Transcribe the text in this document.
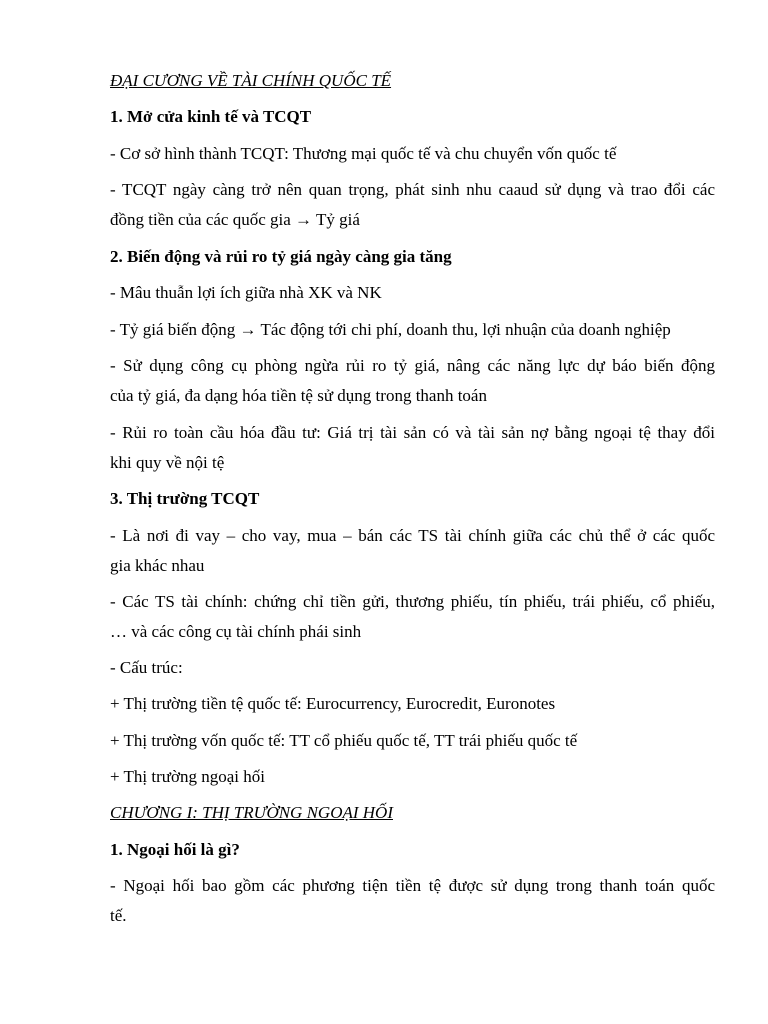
ĐẠI CƯƠNG VỀ TÀI CHÍNH QUỐC TẾ
1. Mở cửa kinh tế và TCQT
- Cơ sở hình thành TCQT: Thương mại quốc tế và chu chuyển vốn quốc tế
- TCQT ngày càng trở nên quan trọng, phát sinh nhu caaud sử dụng và trao đổi các
đồng tiền của các quốc gia → Tỷ giá
2. Biến động và rủi ro tỷ giá ngày càng gia tăng
- Mâu thuẫn lợi ích giữa nhà XK và NK
- Tỷ giá biến động → Tác động tới chi phí, doanh thu, lợi nhuận của doanh nghiệp
- Sử dụng công cụ phòng ngừa rủi ro tỷ giá, nâng các năng lực dự báo biến động
của tỷ giá, đa dạng hóa tiền tệ sử dụng trong thanh toán
- Rủi ro toàn cầu hóa đầu tư: Giá trị tài sản có và tài sản nợ bằng ngoại tệ thay đổi
khi quy về nội tệ
3. Thị trường TCQT
- Là nơi đi vay – cho vay, mua – bán các TS tài chính giữa các chủ thể ở các quốc
gia khác nhau
- Các TS tài chính: chứng chỉ tiền gửi, thương phiếu, tín phiếu, trái phiếu, cổ phiếu,
… và các công cụ tài chính phái sinh
- Cấu trúc:
+ Thị trường tiền tệ quốc tế: Eurocurrency, Eurocredit, Euronotes
+ Thị trường vốn quốc tế: TT cổ phiếu quốc tế, TT trái phiếu quốc tế
+ Thị trường ngoại hối
CHƯƠNG I: THỊ TRƯỜNG NGOẠI HỐI
1. Ngoại hối là gì?
- Ngoại hối bao gồm các phương tiện tiền tệ được sử dụng trong thanh toán quốc
tế.
